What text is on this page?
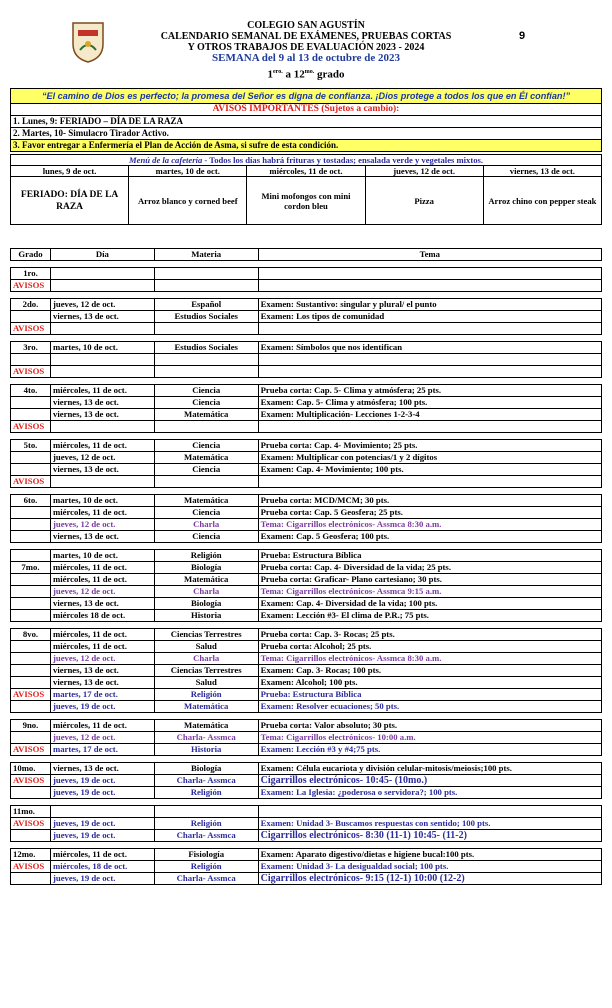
COLEGIO SAN AGUSTÍN
CALENDARIO SEMANAL DE EXÁMENES, PRUEBAS CORTAS
Y OTROS TRABAJOS DE EVALUACIÓN 2023 - 2024
SEMANA del 9 al 13 de octubre de 2023
$1^{ero.}$ a $12^{mo.}$ grado
9
“El camino de Dios es perfecto; la promesa del Señor es digna de confianza. ¡Dios protege a todos los que en Él confían!”
AVISOS IMPORTANTES (Sujetos a cambio):
1. Lunes, 9: FERIADO – DÍA DE LA RAZA
2. Martes, 10- Simulacro Tirador Activo.
3. Favor entregar a Enfermería el Plan de Acción de Asma, si sufre de esta condición.
Menú de la cafetería - Todos los días habrá frituras y tostadas; ensalada verde y vegetales mixtos.				
lunes, 9 de oct.	martes, 10 de oct.	miércoles, 11 de oct.	jueves, 12 de oct.	viernes, 13 de oct.
FERIADO: DÍA DE LA RAZA	Arroz blanco y corned beef	Mini mofongos con mini cordon bleu	Pizza	Arroz chino con pepper steak
Grado	Día	Materia	Tema

1ro.			
AVISOS			

2do.	jueves, 12 de oct.	Español	Examen: Sustantivo: singular y plural/ el punto
	viernes, 13 de oct.	Estudios Sociales	Examen: Los tipos de comunidad
AVISOS			

3ro.	martes, 10 de oct.	Estudios Sociales	Examen: Símbolos que nos identifican

AVISOS			

4to.	miércoles, 11 de oct.	Ciencia	Prueba corta: Cap. 5- Clima y atmósfera; 25 pts.
	viernes, 13 de oct.	Ciencia	Examen: Cap. 5- Clima y atmósfera; 100 pts.
	viernes, 13 de oct.	Matemática	Examen: Multiplicación- Lecciones 1-2-3-4
AVISOS			

5to.	miércoles, 11 de oct.	Ciencia	Prueba corta: Cap. 4- Movimiento; 25 pts.
	jueves, 12 de oct.	Matemática	Examen: Multiplicar con potencias/1 y 2 dígitos
	viernes, 13 de oct.	Ciencia	Examen: Cap. 4- Movimiento; 100 pts.
AVISOS			

6to.	martes, 10 de oct.	Matemática	Prueba corta: MCD/MCM; 30 pts.
	miércoles, 11 de oct.	Ciencia	Prueba corta: Cap. 5 Geosfera; 25 pts.
	jueves, 12 de oct.	Charla	Tema: Cigarrillos electrónicos- Assmca 8:30 a.m.
	viernes, 13 de oct.	Ciencia	Examen: Cap. 5 Geosfera; 100 pts.

	martes, 10 de oct.	Religión	Prueba: Estructura Bíblica
7mo.	miércoles, 11 de oct.	Biología	Prueba corta: Cap. 4- Diversidad de la vida; 25 pts.
	miércoles, 11 de oct.	Matemática	Prueba corta: Graficar- Plano cartesiano; 30 pts.
	jueves, 12 de oct.	Charla	Tema: Cigarrillos electrónicos- Assmca 9:15 a.m.
	viernes, 13 de oct.	Biología	Examen: Cap. 4- Diversidad de la vida; 100 pts.
	miércoles 18 de oct.	Historia	Examen: Lección #3- El clima de P.R.; 75 pts.

8vo.	miércoles, 11 de oct.	Ciencias Terrestres	Prueba corta: Cap. 3- Rocas; 25 pts.
	miércoles, 11 de oct.	Salud	Prueba corta: Alcohol; 25 pts.
	jueves, 12 de oct.	Charla	Tema: Cigarrillos electrónicos- Assmca 8:30 a.m.
	viernes, 13 de oct.	Ciencias Terrestres	Examen: Cap. 3- Rocas; 100 pts.
	viernes, 13 de oct.	Salud	Examen: Alcohol; 100 pts.
AVISOS	martes, 17 de oct.	Religión	Prueba: Estructura Bíblica
	jueves, 19 de oct.	Matemática	Examen: Resolver ecuaciones; 50 pts.

9no.	miércoles, 11 de oct.	Matemática	Prueba corta: Valor absoluto; 30 pts.
	jueves, 12 de oct.	Charla- Assmca	Tema: Cigarrillos electrónicos- 10:00 a.m.
AVISOS	martes, 17 de oct.	Historia	Examen: Lección #3 y #4;75 pts.

10mo.	viernes, 13 de oct.	Biología	Examen: Célula eucariota y división celular-mitosis/meiosis;100 pts.
AVISOS	jueves, 19 de oct.	Charla- Assmca	Cigarrillos electrónicos- 10:45- (10mo.)
	jueves, 19 de oct.	Religión	Examen: La Iglesia: ¿poderosa o servidora?; 100 pts.

11mo.			
AVISOS	jueves, 19 de oct.	Religión	Examen: Unidad 3- Buscamos respuestas con sentido; 100 pts.
	jueves, 19 de oct.	Charla- Assmca	Cigarrillos electrónicos- 8:30 (11-1) 10:45- (11-2)

12mo.	miércoles, 11 de oct.	Fisiología	Examen: Aparato digestivo/dietas e higiene bucal:100 pts.
AVISOS	miércoles, 18 de oct.	Religión	Examen: Unidad 3- La desigualdad social; 100 pts.
	jueves, 19 de oct.	Charla- Assmca	Cigarrillos electrónicos- 9:15 (12-1) 10:00 (12-2)
